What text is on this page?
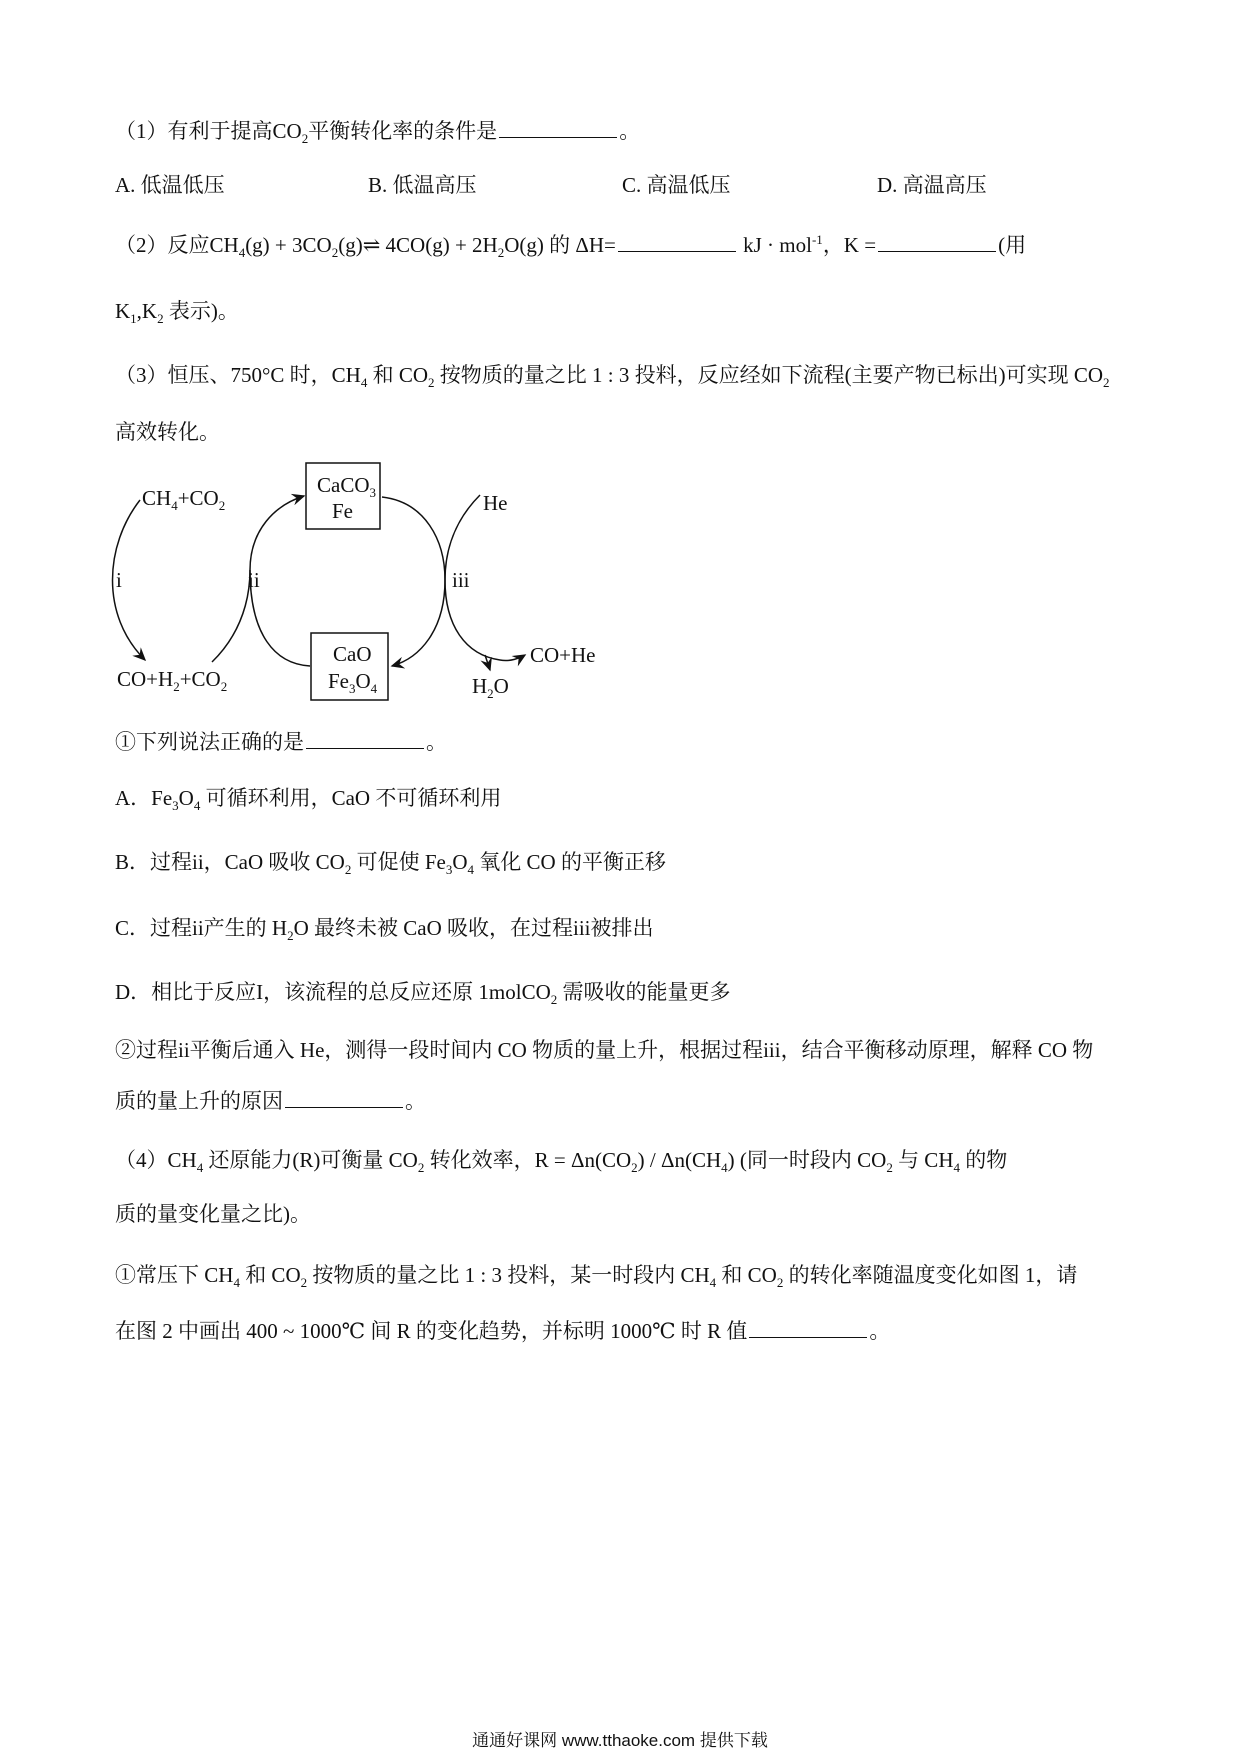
（1）有利于提高$CO_2$平衡转化率的条件是	。
（2）反应$CH_4(g)$ + $3CO_2(g)\rightleftharpoons$ $4CO(g) + 2H_2O(g)$ 的 ΔH=	kJ · mol$^{-1}$，K =	(用
$K_1,K_2$ 表示)。
（3）恒压、750°C 时，$CH_4$ 和 $CO_2$ 按物质的量之比 1 : 3 投料，反应经如下流程(主要产物已标出)可实现 $CO_2$
高效转化。
①下列说法正确的是	。
A．$Fe_3O_4$ 可循环利用，CaO 不可循环利用
B．过程ii，CaO 吸收 $CO_2$ 可促使 $Fe_3O_4$ 氧化 CO 的平衡正移
C．过程ii产生的 $H_2O$ 最终未被 CaO 吸收，在过程iii被排出
D．相比于反应I，该流程的总反应还原 1molCO$_2$ 需吸收的能量更多
②过程ii平衡后通入 He，测得一段时间内 CO 物质的量上升，根据过程iii，结合平衡移动原理，解释 CO 物
质的量上升的原因	。
$(4)CH_4$ 还原能力(R)可衡量 $CO_2$ 转化效率，$R = \Delta n(CO_2) / \Delta n(CH_4)$ (同一时段内 $CO_2$ 与 $CH_4$ 的物
质的量变化量之比)。
①常压下 $CH_4$ 和 $CO_2$ 按物质的量之比 1 : 3 投料，某一时段内 $CH_4$ 和 $CO_2$ 的转化率随温度变化如图 1，请
在图 2 中画出 400 ~ 1000℃ 间 R 的变化趋势，并标明 1000℃ 时 R 值	。
A. 低温低压	B. 低温高压	C. 高温低压	D. 高温高压
$CH_4+CO_2$
$CO+H_2+CO_2$
i
CaCO$_3$
Fe
CaO
$Fe_3O_4$
ii	iii
He
CO+He
$H_2O$
通通好课网 www.tthaoke.com 提供下载
